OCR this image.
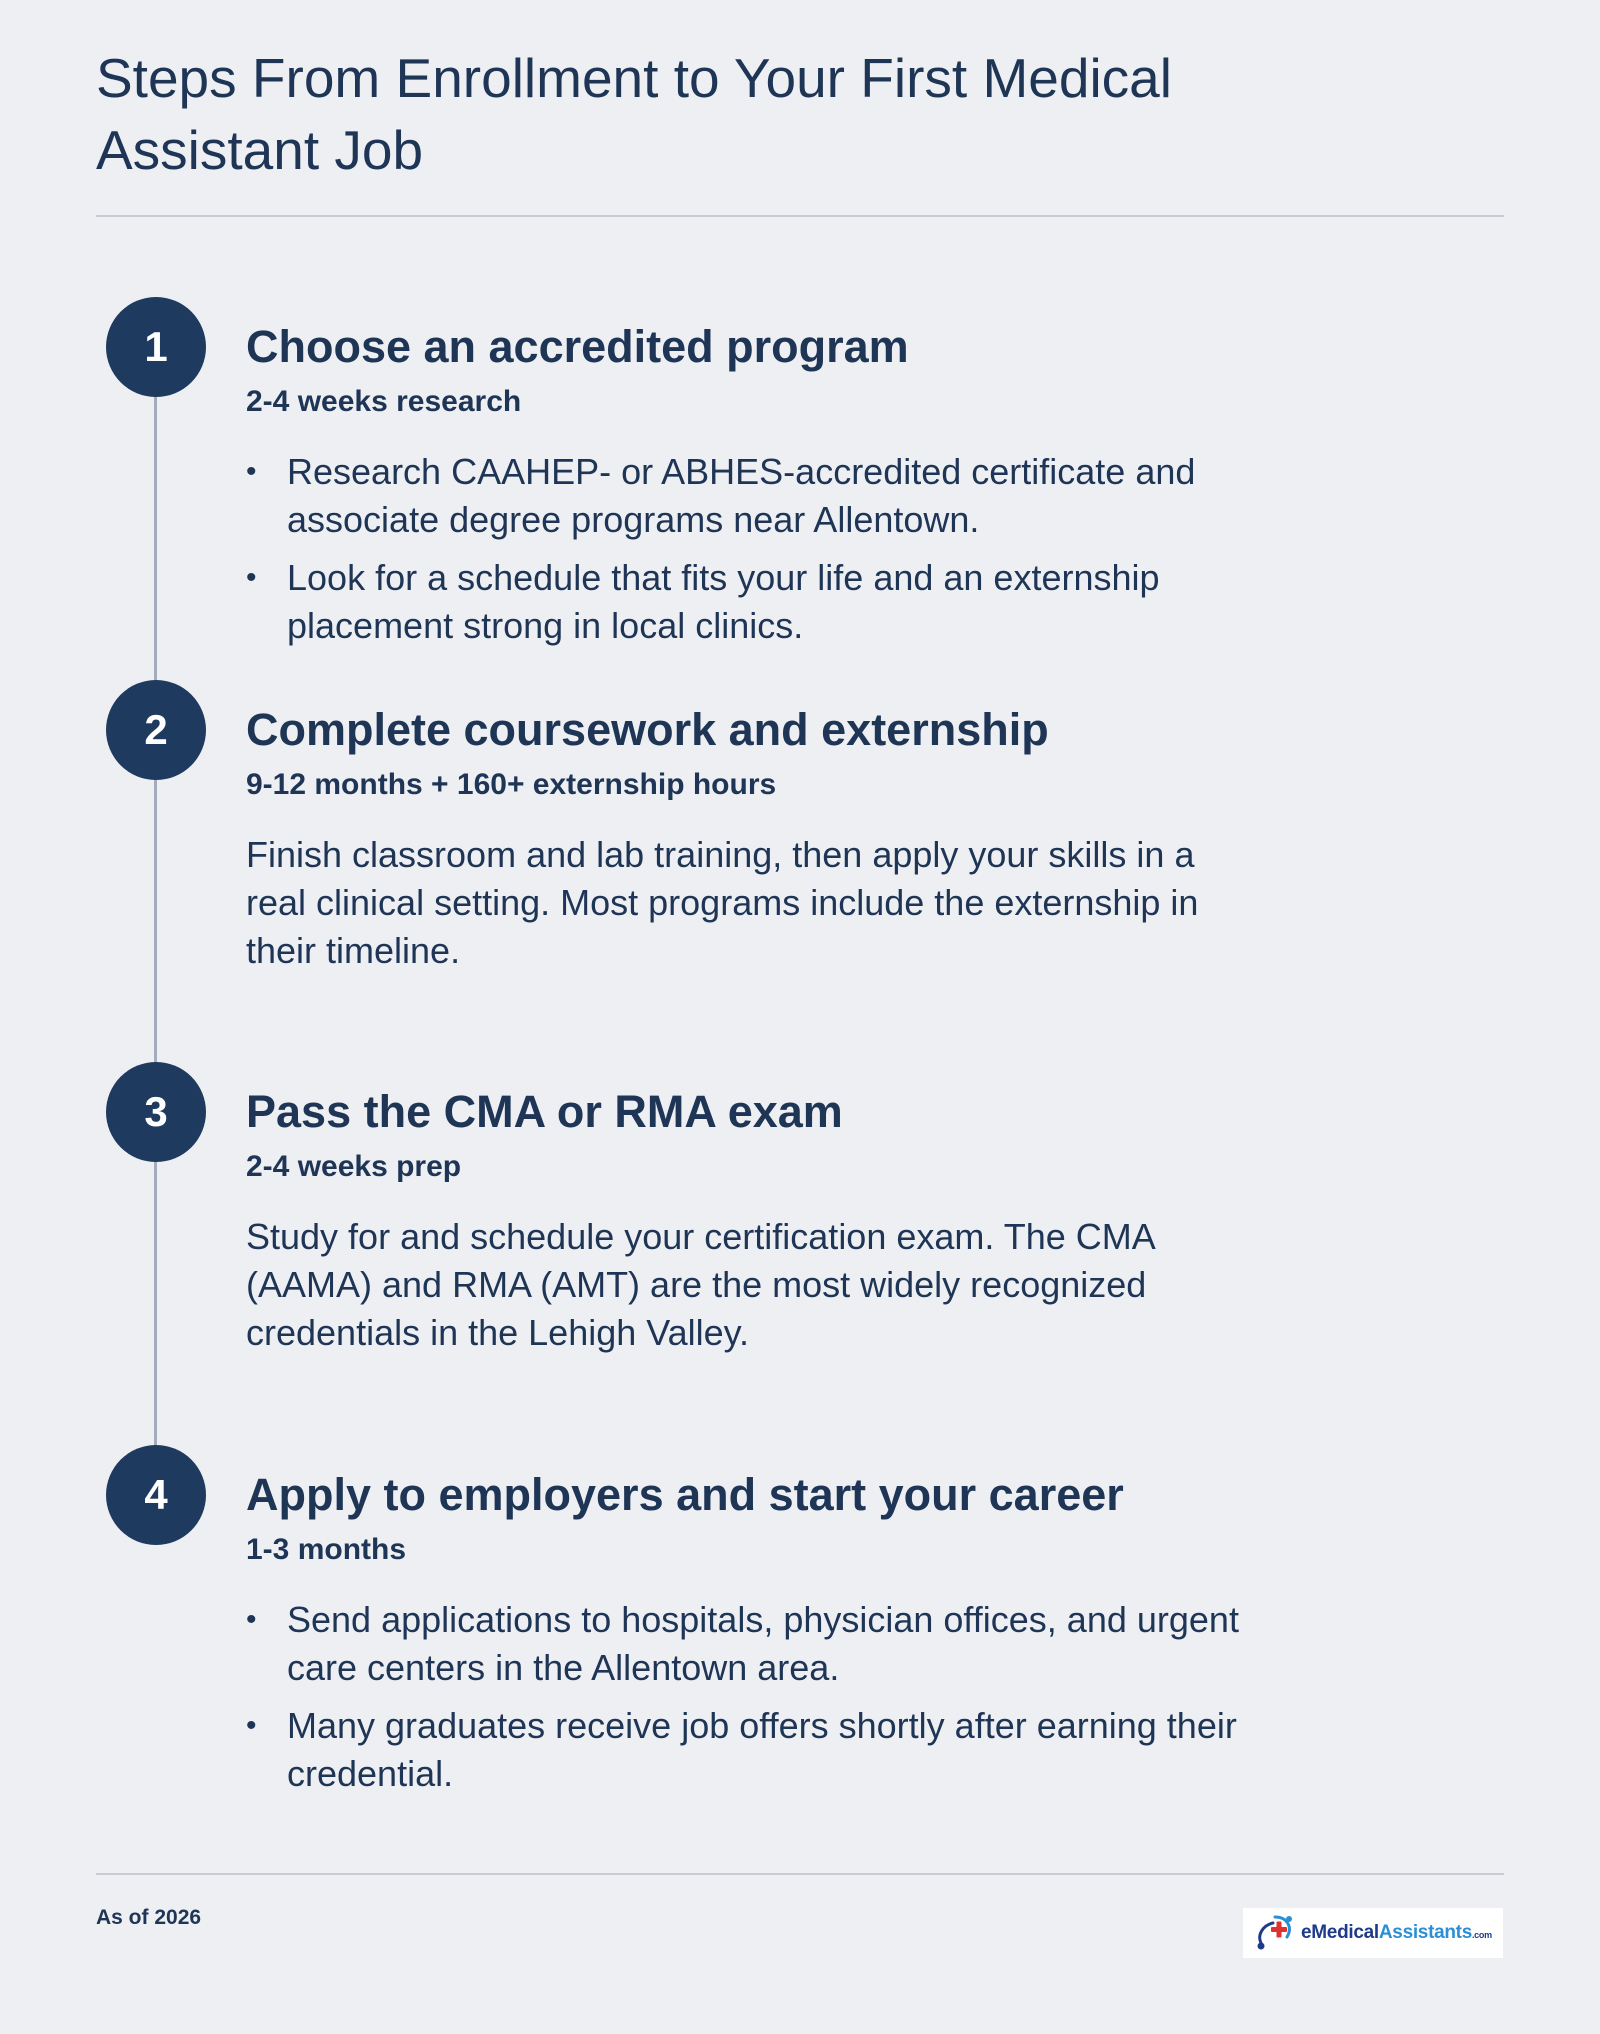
Steps From Enrollment to Your First Medical Assistant Job
1	Choose an accredited program

2-4 weeks research

• Research CAAHEP- or ABHES-accredited certificate and associate degree programs near Allentown.
• Look for a schedule that fits your life and an externship placement strong in local clinics.
2	Complete coursework and externship

9-12 months + 160+ externship hours

Finish classroom and lab training, then apply your skills in a real clinical setting. Most programs include the externship in their timeline.

3	Pass the CMA or RMA exam

2-4 weeks prep

Study for and schedule your certification exam. The CMA (AAMA) and RMA (AMT) are the most widely recognized credentials in the Lehigh Valley.

4	Apply to employers and start your career

1-3 months

• Send applications to hospitals, physician offices, and urgent care centers in the Allentown area.
• Many graduates receive job offers shortly after earning their credential.
As of 2026
eMedicalAssistants.com
